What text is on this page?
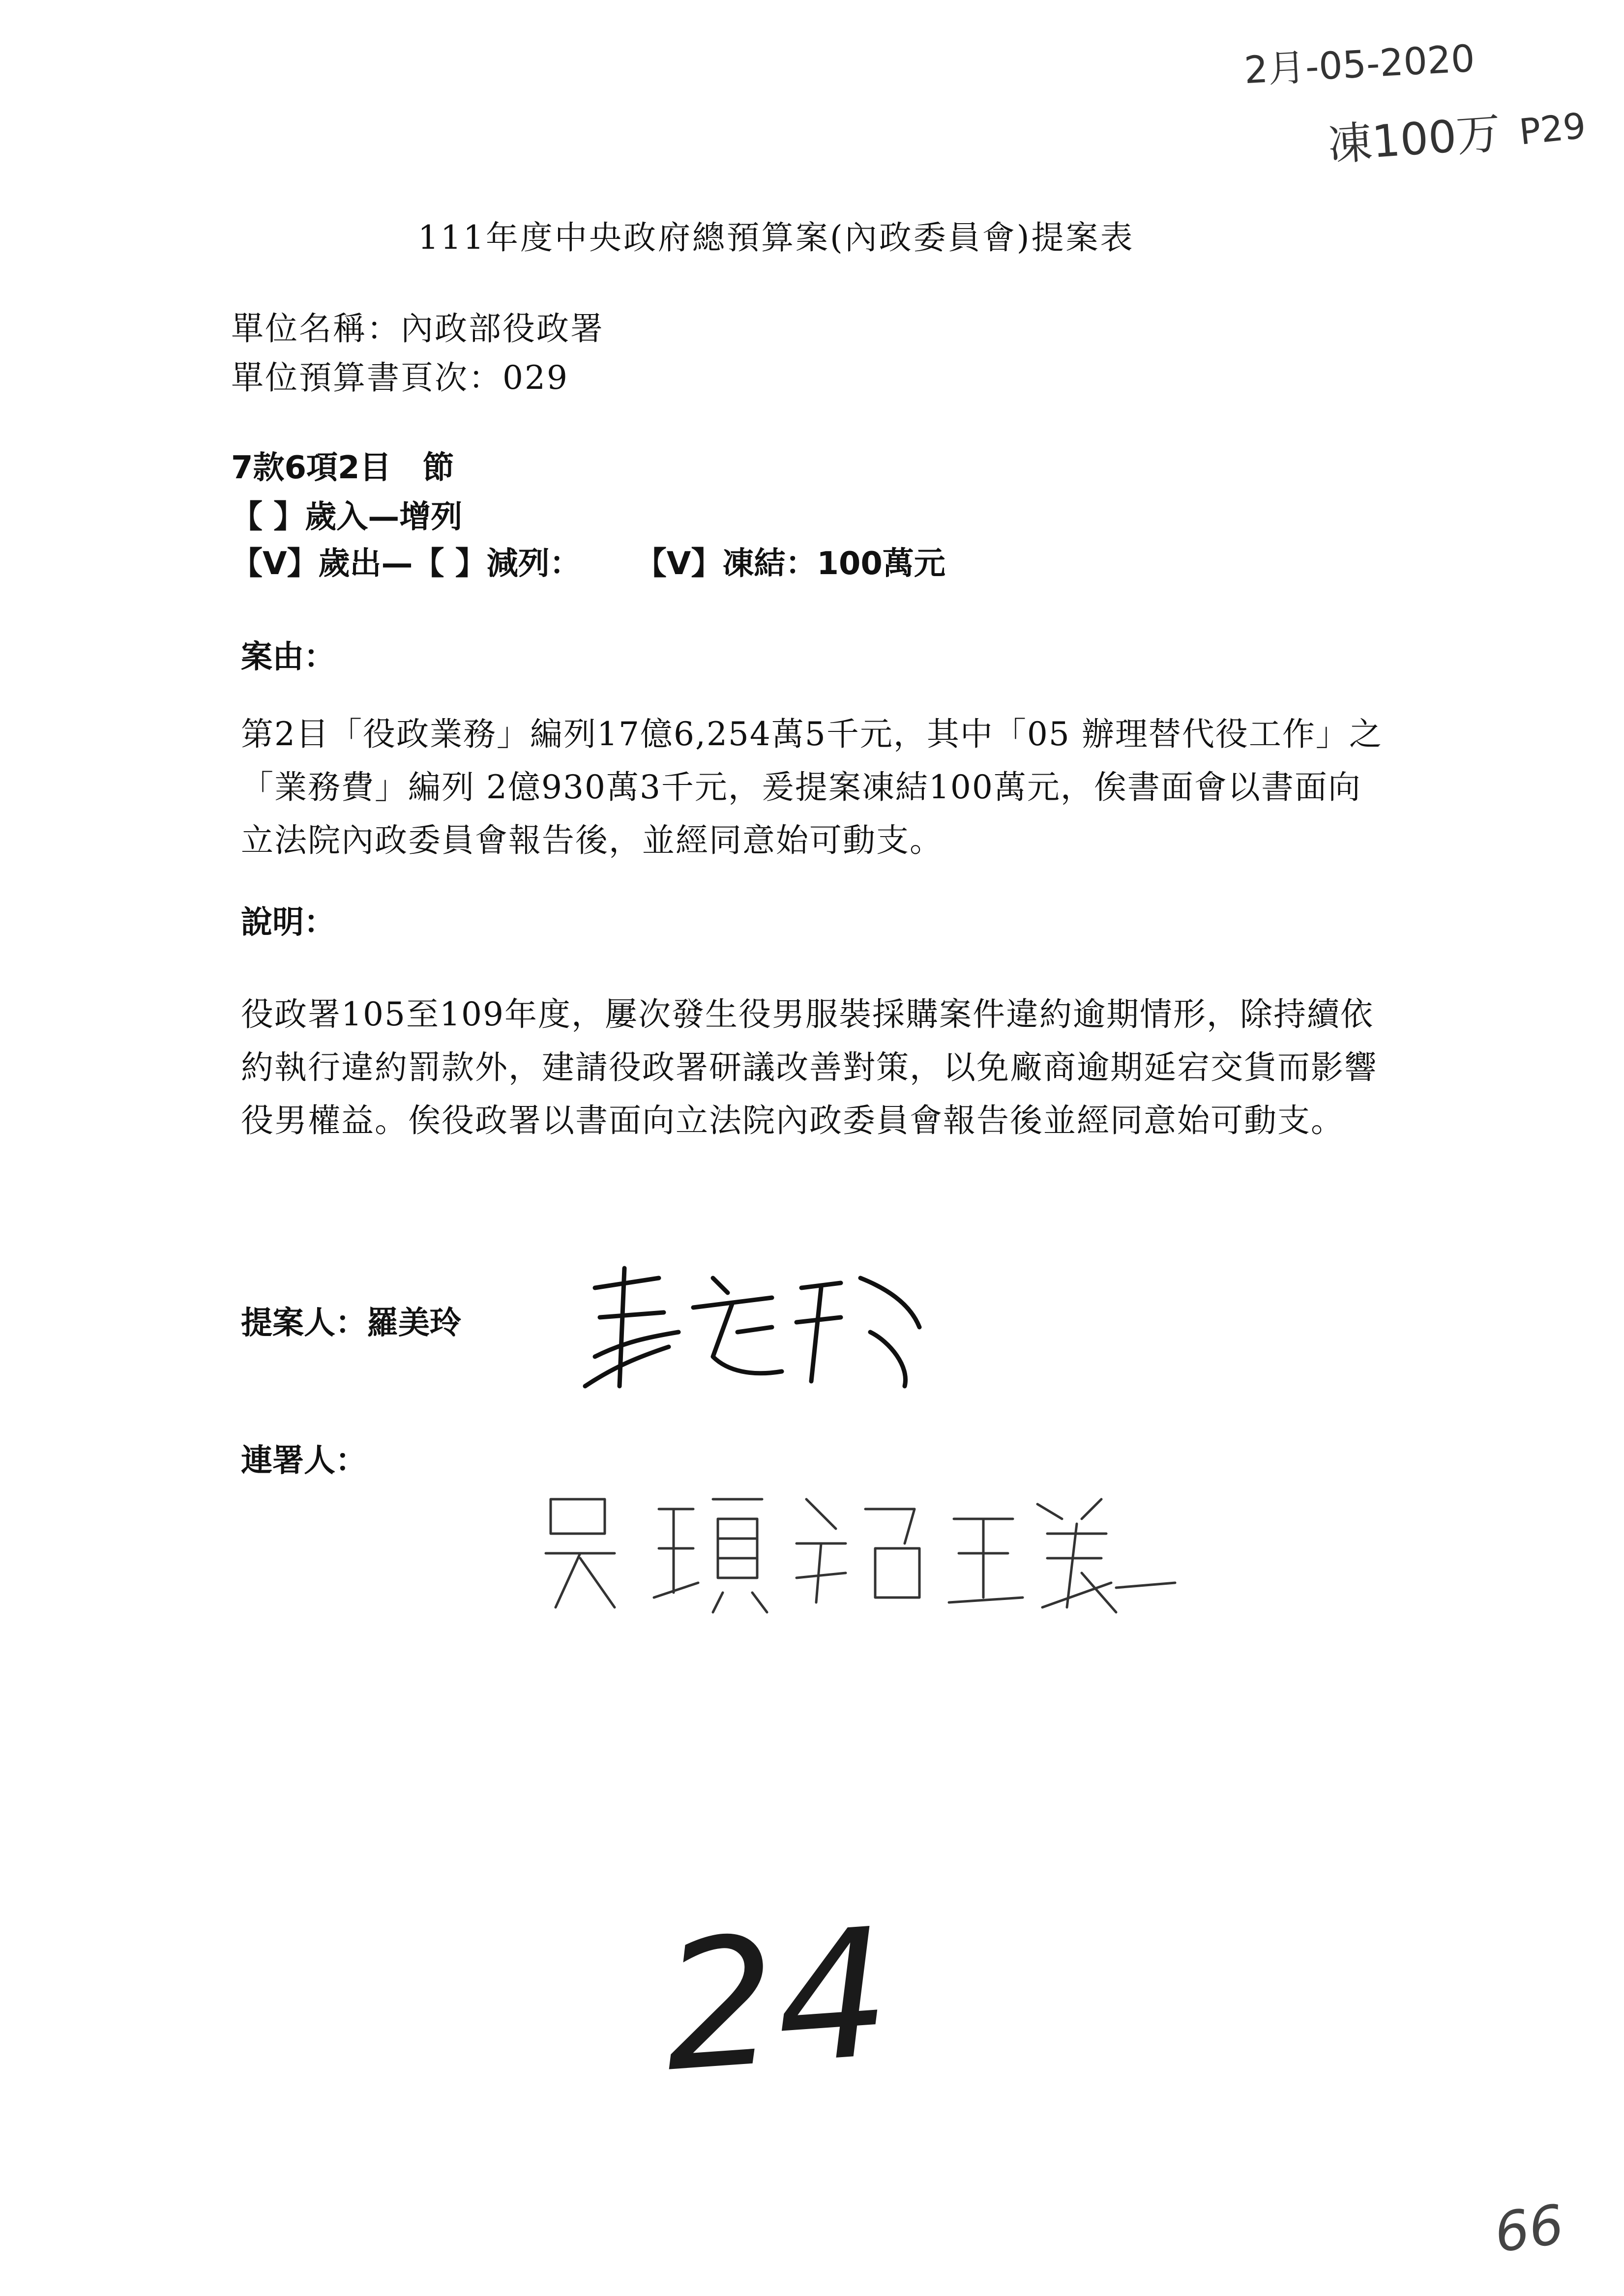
2月-05-2020
凍100万 P29
111年度中央政府總預算案(內政委員會)提案表
單位名稱：內政部役政署
單位預算書頁次：029
7款6項2目　節
【 】歲入—增列
【V】歲出—【 】減列： 【V】凍結：100萬元
案由：
第2目「役政業務」編列17億6,254萬5千元，其中「05 辦理替代役工作」之「業務費」編列 2億930萬3千元，爰提案凍結100萬元，俟書面會以書面向立法院內政委員會報告後，並經同意始可動支。
說明：
役政署105至109年度，屢次發生役男服裝採購案件違約逾期情形，除持續依約執行違約罰款外，建請役政署研議改善對策，以免廠商逾期延宕交貨而影響役男權益。俟役政署以書面向立法院內政委員會報告後並經同意始可動支。
提案人：羅美玲
連署人：
24
66
